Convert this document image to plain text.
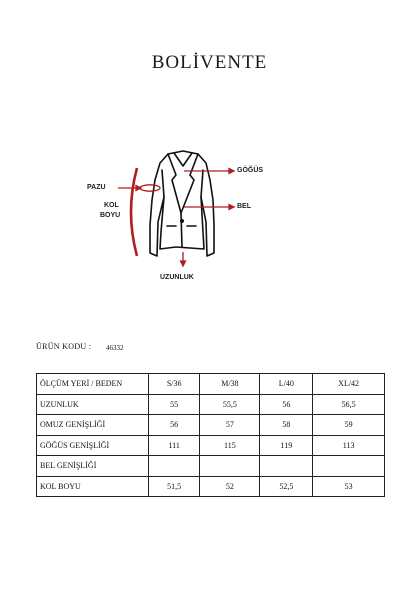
BOLİVENTE
GÖĞÜS
PAZU
BEL
KOL
BOYU
UZUNLUK
ÜRÜN KODU : 46332
ÖLÇÜM YERİ / BEDEN	S/36	M/38	L/40	XL/42
UZUNLUK	55	55,5	56	56,5
OMUZ GENİŞLİĞİ	56	57	58	59
GÖĞÜS GENİŞLİĞİ	111	115	119	113
BEL GENİŞLİĞİ				
KOL BOYU	51,5	52	52,5	53
